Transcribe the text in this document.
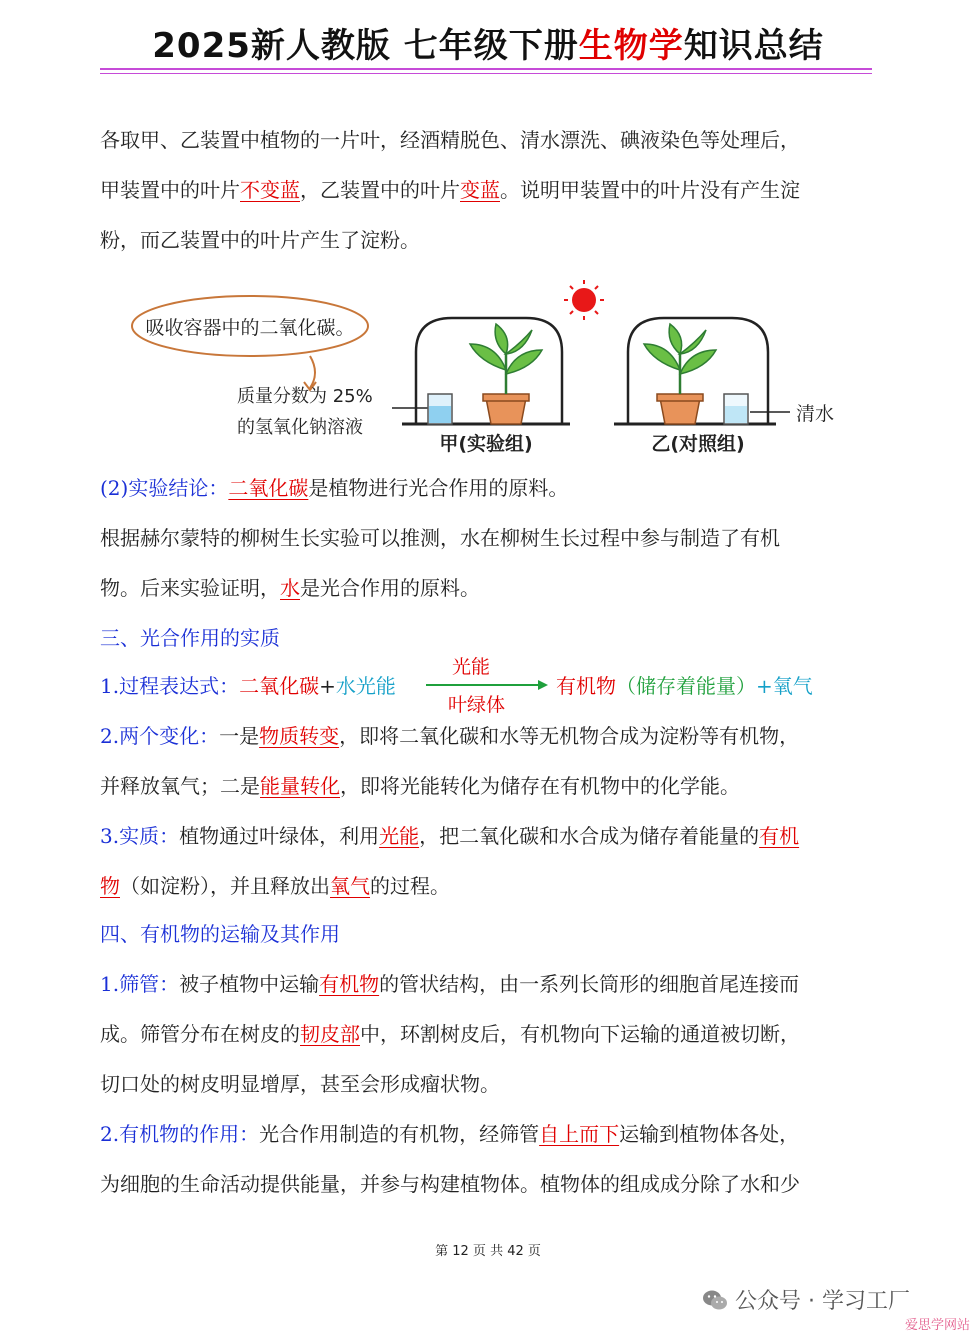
2025新人教版 七年级下册生物学知识总结
各取甲、乙装置中植物的一片叶，经酒精脱色、清水漂洗、碘液染色等处理后，
甲装置中的叶片不变蓝，乙装置中的叶片变蓝。说明甲装置中的叶片没有产生淀
粉，而乙装置中的叶片产生了淀粉。
吸收容器中的二氧化碳。
质量分数为 25%
的氢氧化钠溶液
甲(实验组)
清水
乙(对照组)
(2)实验结论：二氧化碳是植物进行光合作用的原料。
根据赫尔蒙特的柳树生长实验可以推测，水在柳树生长过程中参与制造了有机
物。后来实验证明，水是光合作用的原料。
三、光合作用的实质
1.过程表达式：二氧化碳+水光能
光能
叶绿体
有机物（储存着能量）+氧气
2.两个变化：一是物质转变，即将二氧化碳和水等无机物合成为淀粉等有机物，
并释放氧气；二是能量转化，即将光能转化为储存在有机物中的化学能。
3.实质：植物通过叶绿体，利用光能，把二氧化碳和水合成为储存着能量的有机
物（如淀粉），并且释放出氧气的过程。
四、有机物的运输及其作用
1.筛管：被子植物中运输有机物的管状结构，由一系列长筒形的细胞首尾连接而
成。筛管分布在树皮的韧皮部中，环割树皮后，有机物向下运输的通道被切断，
切口处的树皮明显增厚，甚至会形成瘤状物。
2.有机物的作用：光合作用制造的有机物，经筛管自上而下运输到植物体各处，
为细胞的生命活动提供能量，并参与构建植物体。植物体的组成成分除了水和少
第 12 页 共 42 页
公众号 · 学习工厂
爱思学网站
